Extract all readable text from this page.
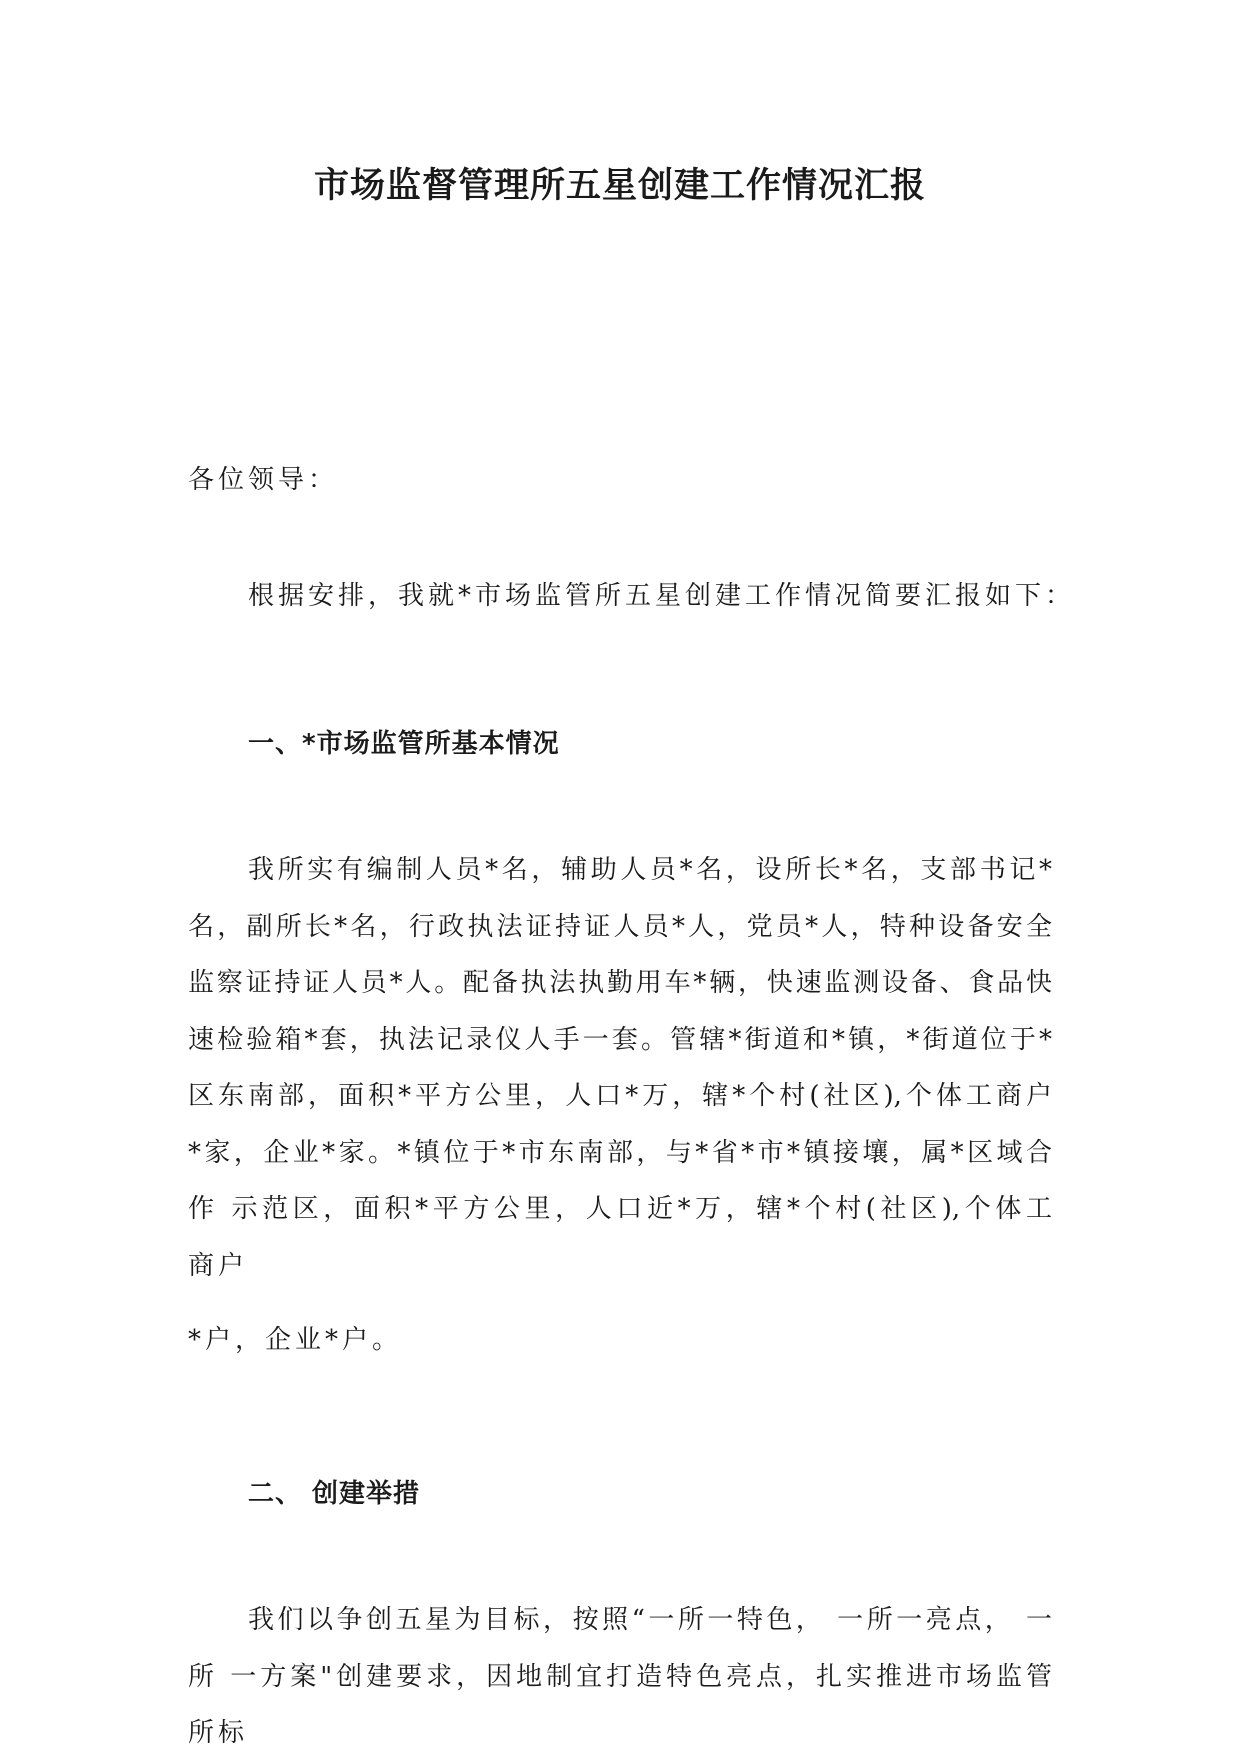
市场监督管理所五星创建工作情况汇报

各位领导：

根据安排，我就*市场监管所五星创建工作情况简要汇报如下：

一、*市场监管所基本情况

我所实有编制人员*名，辅助人员*名，设所长*名，支部书记*
名，副所长*名，行政执法证持证人员*人，党员*人，特种设备安全
监察证持证人员*人。配备执法执勤用车*辆，快速监测设备、食品快
速检验箱*套，执法记录仪人手一套。管辖*街道和*镇，*街道位于*
区东南部，面积*平方公里，人口*万，辖*个村(社区),个体工商户
*家，企业*家。*镇位于*市东南部，与*省*市*镇接壤，属*区域合
作 示范区，面积*平方公里，人口近*万，辖*个村(社区),个体工
商户

*户，企业*户。

二、 创建举措

我们以争创五星为目标，按照“一所一特色， 一所一亮点， 一
所 一方案"创建要求，因地制宜打造特色亮点，扎实推进市场监管
所标
